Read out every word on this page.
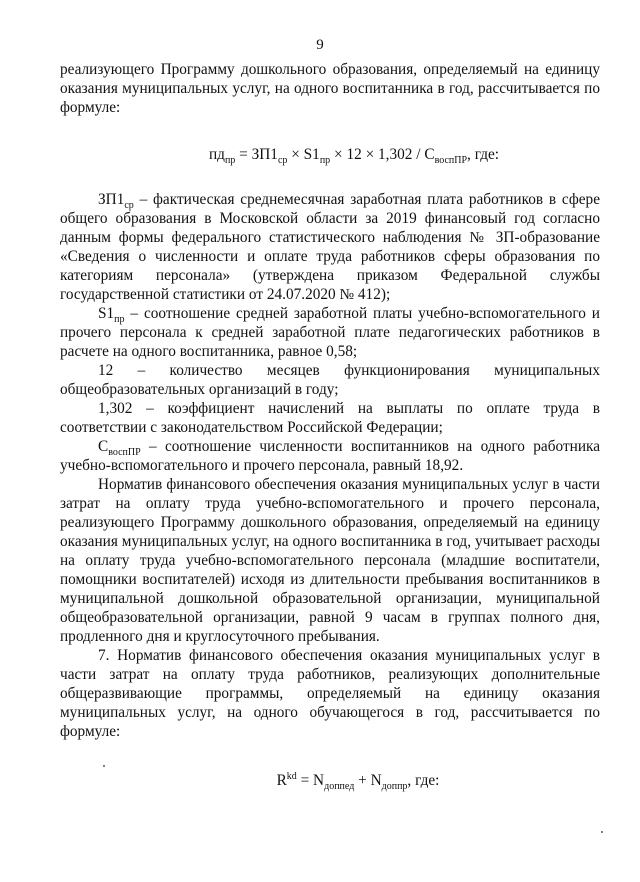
9

реализующего Программу дошкольного образования, определяемый на единицу оказания муниципальных услуг, на одного воспитанника в год, рассчитывается по формуле:

$пд_{пр} = ЗП1_{ср} \times S1_{пр} \times 12 \times 1,302 / C_{воспПР}$, где:

$ЗП1_{ср}$ – фактическая среднемесячная заработная плата работников в сфере общего образования в Московской области за 2019 финансовый год согласно данным формы федерального статистического наблюдения № ЗП-образование «Сведения о численности и оплате труда работников сферы образования по категориям персонала» (утверждена приказом Федеральной службы государственной статистики от 24.07.2020 № 412);

$S1_{пр}$ – соотношение средней заработной платы учебно-вспомогательного и прочего персонала к средней заработной плате педагогических работников в расчете на одного воспитанника, равное 0,58;

12 – количество месяцев функционирования муниципальных общеобразовательных организаций в году;

1,302 – коэффициент начислений на выплаты по оплате труда в соответствии с законодательством Российской Федерации;

$C_{воспПР}$ – соотношение численности воспитанников на одного работника учебно-вспомогательного и прочего персонала, равный 18,92.

Норматив финансового обеспечения оказания муниципальных услуг в части затрат на оплату труда учебно-вспомогательного и прочего персонала, реализующего Программу дошкольного образования, определяемый на единицу оказания муниципальных услуг, на одного воспитанника в год, учитывает расходы на оплату труда учебно-вспомогательного персонала (младшие воспитатели, помощники воспитателей) исходя из длительности пребывания воспитанников в муниципальной дошкольной образовательной организации, муниципальной общеобразовательной организации, равной 9 часам в группах полного дня, продленного дня и круглосуточного пребывания.

7. Норматив финансового обеспечения оказания муниципальных услуг в части затрат на оплату труда работников, реализующих дополнительные общеразвивающие программы, определяемый на единицу оказания муниципальных услуг, на одного обучающегося в год, рассчитывается по формуле:

$R^{kd} = N_{доппед} + N_{доппр}$, где:
